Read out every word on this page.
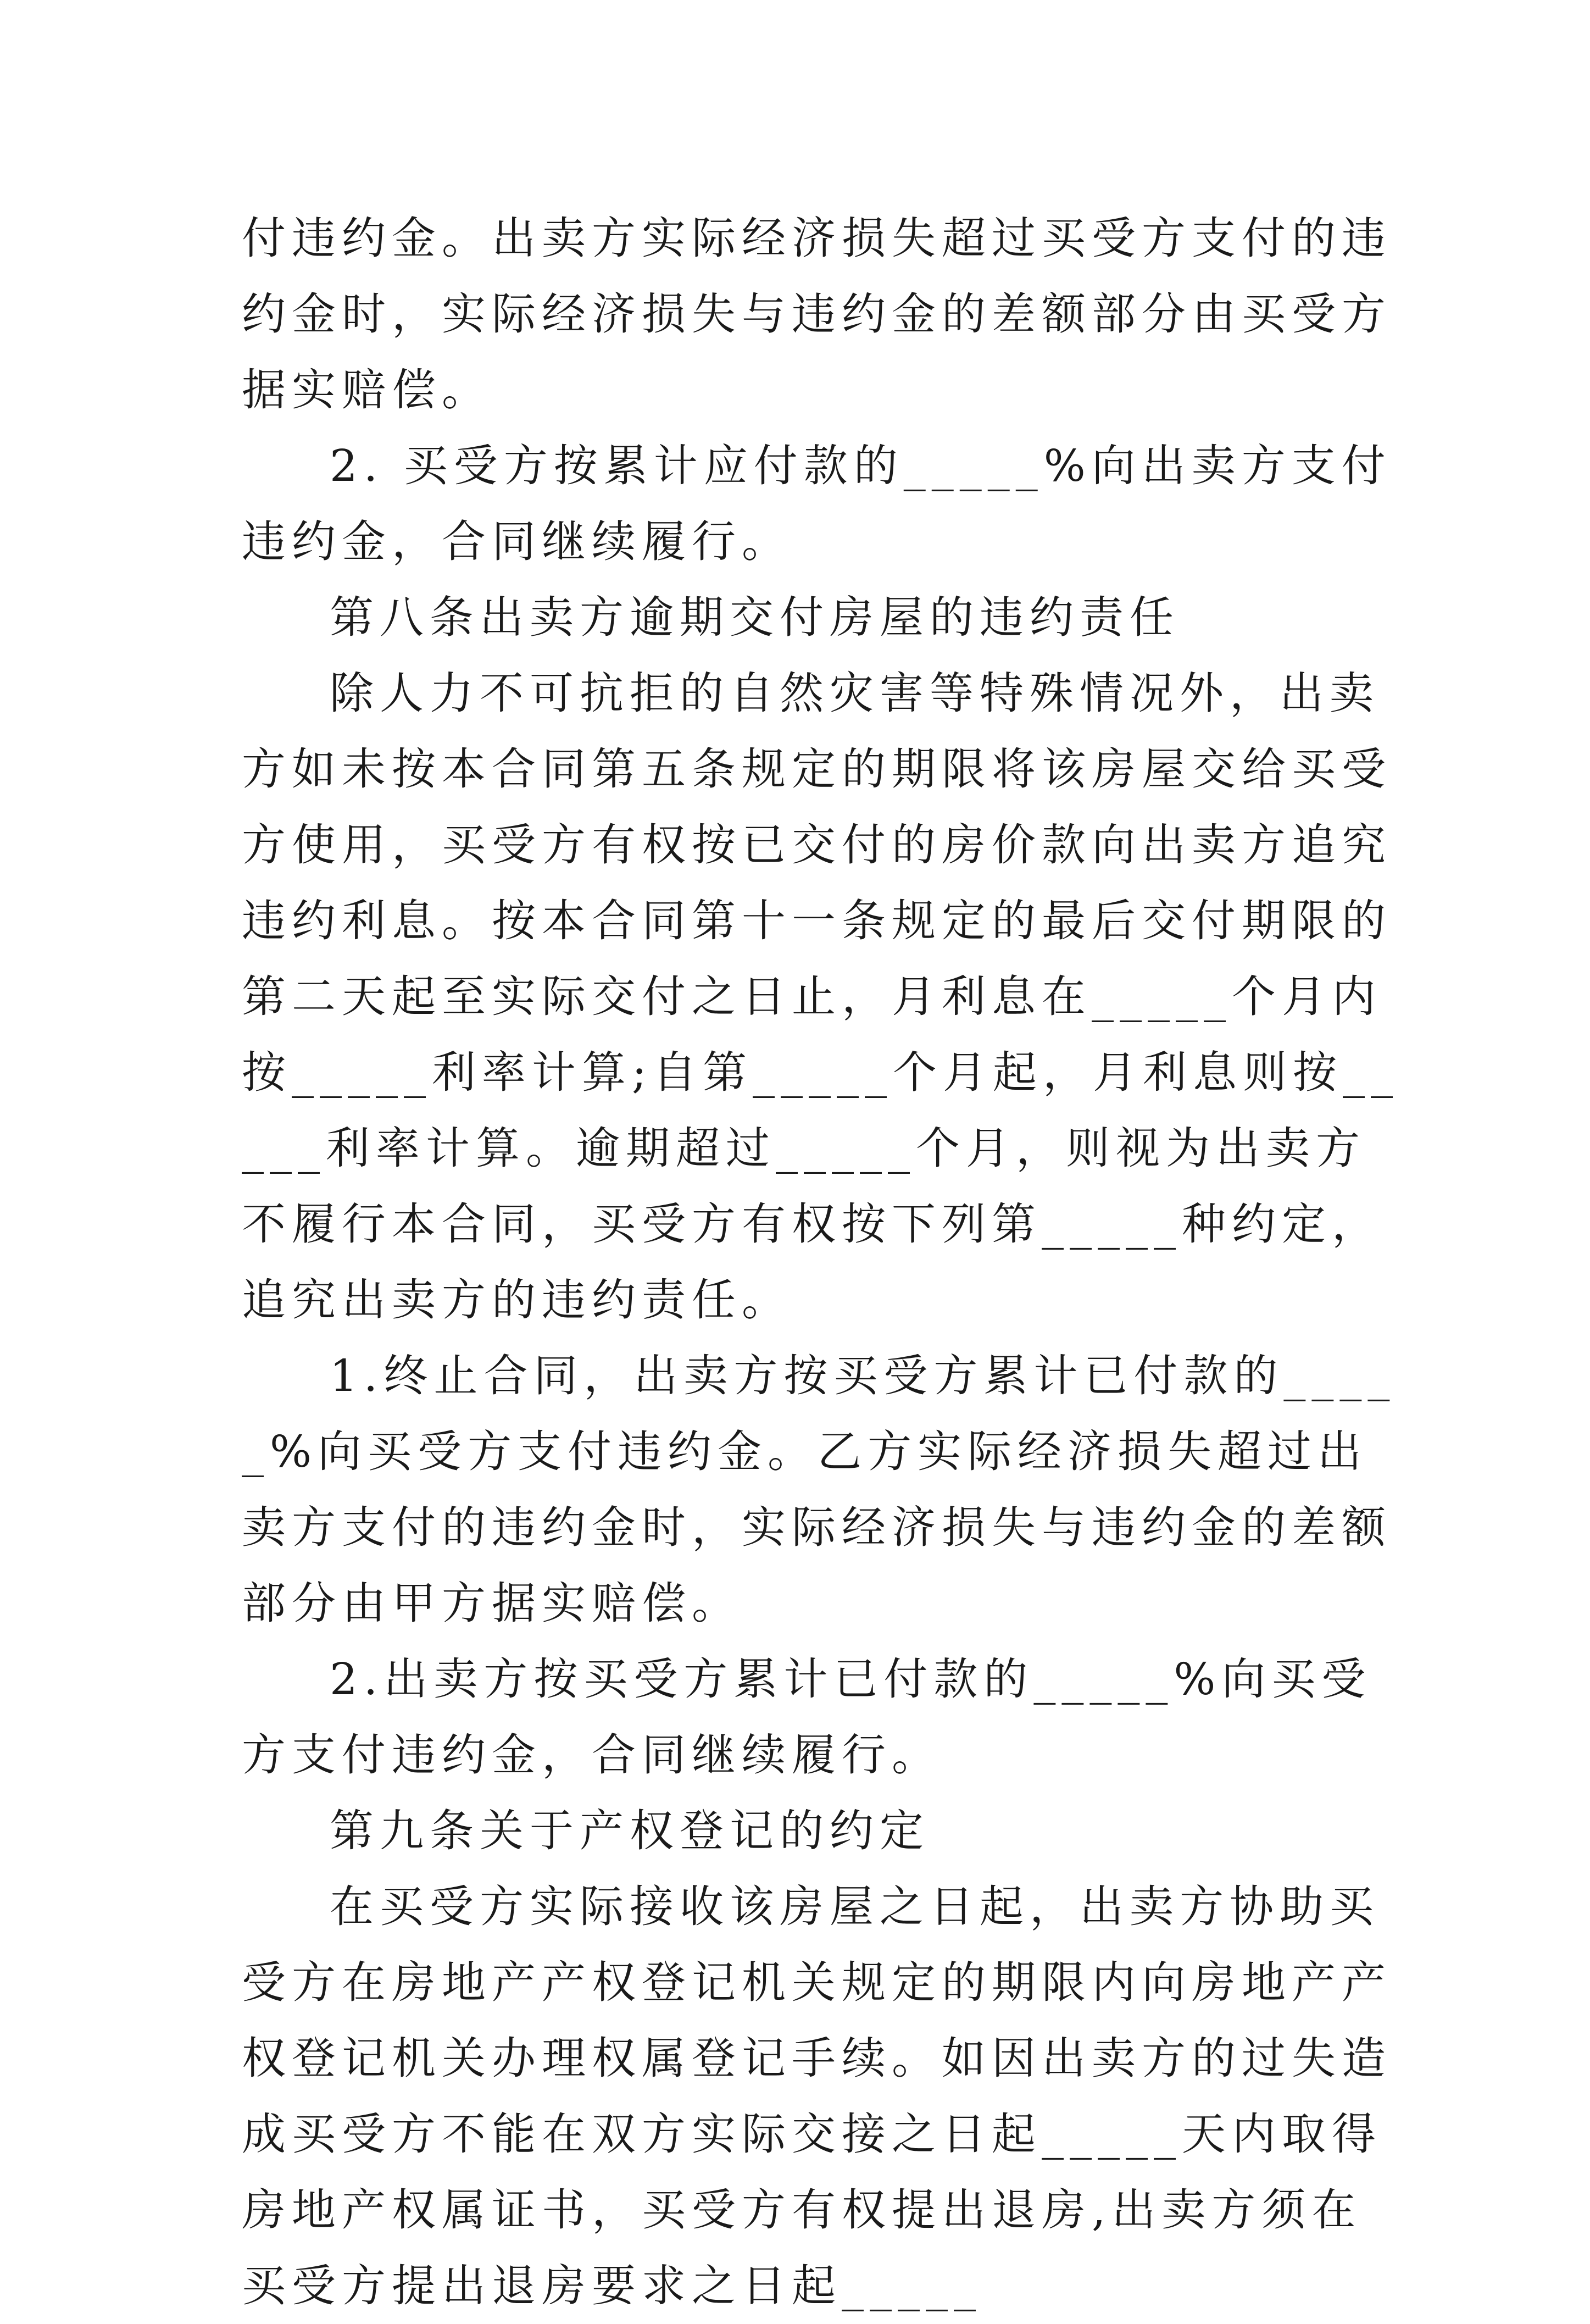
付违约金。出卖方实际经济损失超过买受方支付的违约金时，实际经济损失与违约金的差额部分由买受方据实赔偿。

2. 买受方按累计应付款的_____%向出卖方支付违约金，合同继续履行。

第八条出卖方逾期交付房屋的违约责任

除人力不可抗拒的自然灾害等特殊情况外，出卖方如未按本合同第五条规定的期限将该房屋交给买受方使用，买受方有权按已交付的房价款向出卖方追究违约利息。按本合同第十一条规定的最后交付期限的第二天起至实际交付之日止，月利息在_____个月内按_____利率计算;自第_____个月起，月利息则按_____利率计算。逾期超过_____个月，则视为出卖方不履行本合同，买受方有权按下列第_____种约定，追究出卖方的违约责任。

1.终止合同，出卖方按买受方累计已付款的_____%向买受方支付违约金。乙方实际经济损失超过出卖方支付的违约金时，实际经济损失与违约金的差额部分由甲方据实赔偿。

2.出卖方按买受方累计已付款的_____%向买受方支付违约金，合同继续履行。

第九条关于产权登记的约定

在买受方实际接收该房屋之日起，出卖方协助买受方在房地产产权登记机关规定的期限内向房地产产权登记机关办理权属登记手续。如因出卖方的过失造成买受方不能在双方实际交接之日起_____天内取得房地产权属证书，买受方有权提出退房,出卖方须在买受方提出退房要求之日起_____
